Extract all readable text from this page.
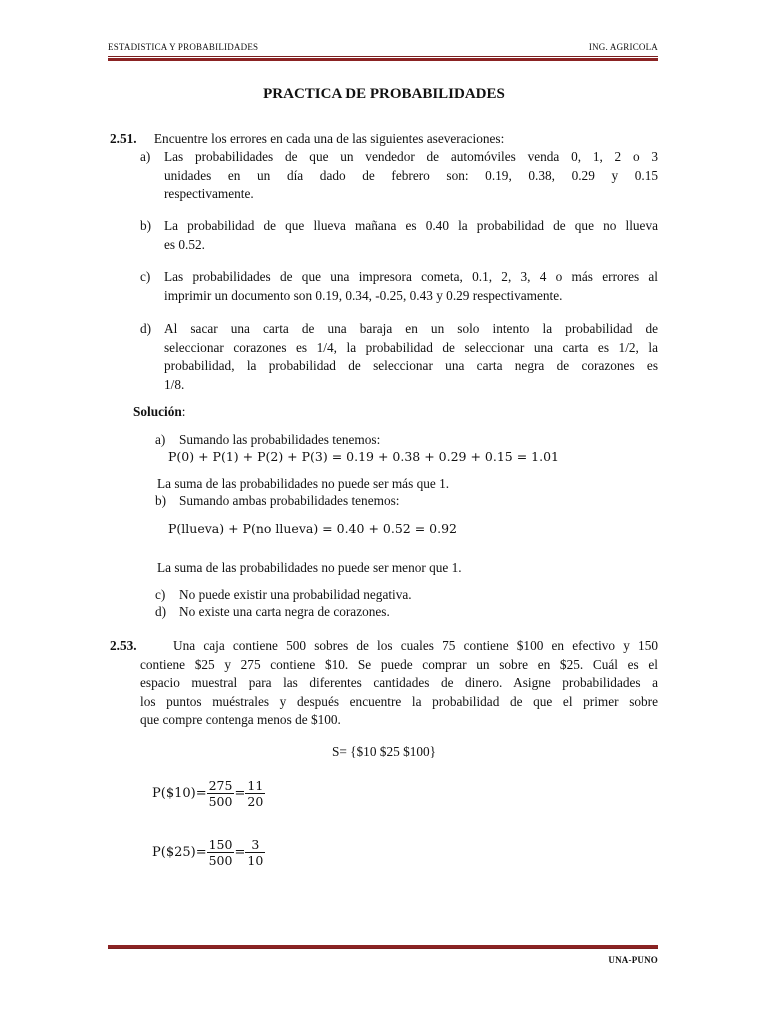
ESTADISTICA Y PROBABILIDADES	ING. AGRICOLA
PRACTICA DE PROBABILIDADES
2.51. Encuentre los errores en cada una de las siguientes aseveraciones:
a) Las probabilidades de que un vendedor de automóviles venda 0, 1, 2 o 3
unidades en un día dado de febrero son: 0.19, 0.38, 0.29 y 0.15
respectivamente.
b) La probabilidad de que llueva mañana es 0.40 la probabilidad de que no llueva
es 0.52.
c) Las probabilidades de que una impresora cometa, 0.1, 2, 3, 4 o más errores al
imprimir un documento son 0.19, 0.34, -0.25, 0.43 y 0.29 respectivamente.
d) Al sacar una carta de una baraja en un solo intento la probabilidad de
seleccionar corazones es 1/4, la probabilidad de seleccionar una carta es 1/2, la
probabilidad, la probabilidad de seleccionar una carta negra de corazones es
1/8.
Solución:
a) Sumando las probabilidades tenemos:
P(0) + P(1) + P(2) + P(3) = 0.19 + 0.38 + 0.29 + 0.15 = 1.01
La suma de las probabilidades no puede ser más que 1.
b) Sumando ambas probabilidades tenemos:
P(llueva) + P(no llueva) = 0.40 + 0.52 = 0.92
La suma de las probabilidades no puede ser menor que 1.
c) No puede existir una probabilidad negativa.
d) No existe una carta negra de corazones.
2.53.	Una caja contiene 500 sobres de los cuales 75 contiene $100 en efectivo y 150
contiene $25 y 275 contiene $10. Se puede comprar un sobre en $25. Cuál es el
espacio muestral para las diferentes cantidades de dinero. Asigne probabilidades a
los puntos muéstrales y después encuentre la probabilidad de que el primer sobre
que compre contenga menos de $100.
S= {$10 $25 $100}
P($10)= $\frac{275}{500} = \frac{11}{20}$
P($25)= $\frac{150}{500} = \frac{3}{10}$
UNA-PUNO
